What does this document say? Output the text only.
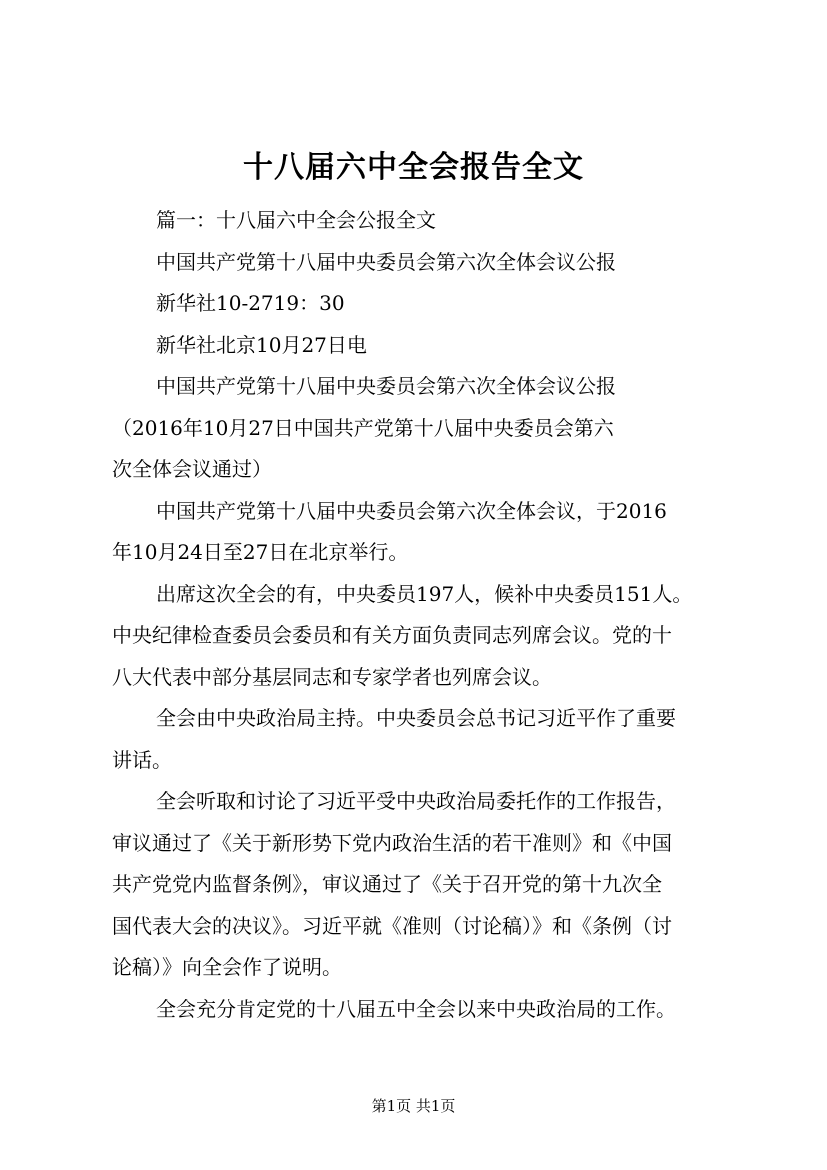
十八届六中全会报告全文
篇一：十八届六中全会公报全文
中国共产党第十八届中央委员会第六次全体会议公报
新华社10-2719：30
新华社北京10月27日电
中国共产党第十八届中央委员会第六次全体会议公报
（2016年10月27日中国共产党第十八届中央委员会第六
次全体会议通过）
中国共产党第十八届中央委员会第六次全体会议，于2016
年10月24日至27日在北京举行。
出席这次全会的有，中央委员197人，候补中央委员151人。
中央纪律检查委员会委员和有关方面负责同志列席会议。党的十
八大代表中部分基层同志和专家学者也列席会议。
全会由中央政治局主持。中央委员会总书记习近平作了重要
讲话。
全会听取和讨论了习近平受中央政治局委托作的工作报告，
审议通过了《关于新形势下党内政治生活的若干准则》和《中国
共产党党内监督条例》，审议通过了《关于召开党的第十九次全
国代表大会的决议》。习近平就《准则（讨论稿）》和《条例（讨
论稿）》向全会作了说明。
全会充分肯定党的十八届五中全会以来中央政治局的工作。
第1页 共1页
